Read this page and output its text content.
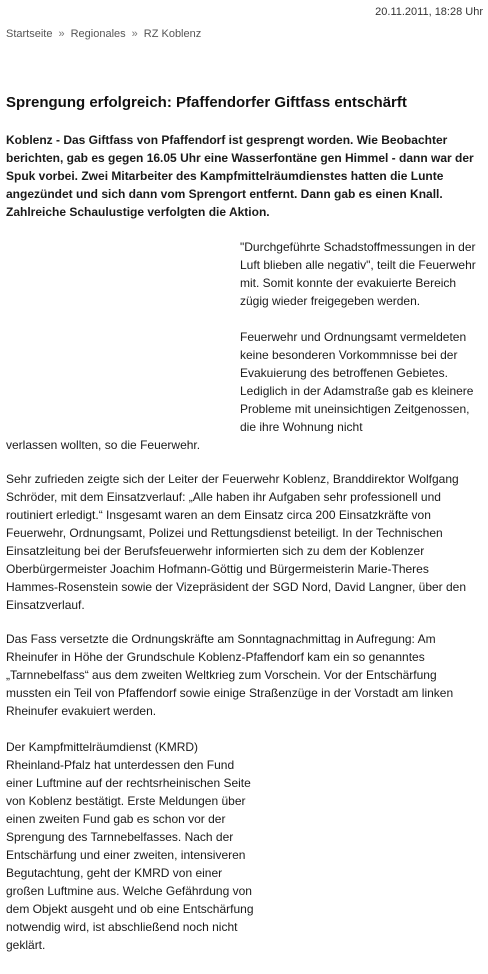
20.11.2011, 18:28 Uhr
Startseite » Regionales » RZ Koblenz
Sprengung erfolgreich: Pfaffendorfer Giftfass entschärft

Koblenz - Das Giftfass von Pfaffendorf ist gesprengt worden. Wie Beobachter berichten, gab es gegen 16.05 Uhr eine Wasserfontäne gen Himmel - dann war der Spuk vorbei. Zwei Mitarbeiter des Kampfmittelräumdienstes hatten die Lunte angezündet und sich dann vom Sprengort entfernt. Dann gab es einen Knall. Zahlreiche Schaulustige verfolgten die Aktion.

"Durchgeführte Schadstoffmessungen in der Luft blieben alle negativ", teilt die Feuerwehr mit. Somit konnte der evakuierte Bereich zügig wieder freigegeben werden.

Feuerwehr und Ordnungsamt vermeldeten keine besonderen Vorkommnisse bei der Evakuierung des betroffenen Gebietes. Lediglich in der Adamstraße gab es kleinere Probleme mit uneinsichtigen Zeitgenossen, die ihre Wohnung nicht

verlassen wollten, so die Feuerwehr.

Sehr zufrieden zeigte sich der Leiter der Feuerwehr Koblenz, Branddirektor Wolfgang Schröder, mit dem Einsatzverlauf: „Alle haben ihr Aufgaben sehr professionell und routiniert erledigt.“ Insgesamt waren an dem Einsatz circa 200 Einsatzkräfte von Feuerwehr, Ordnungsamt, Polizei und Rettungsdienst beteiligt. In der Technischen Einsatzleitung bei der Berufsfeuerwehr informierten sich zu dem der Koblenzer Oberbürgermeister Joachim Hofmann-Göttig und Bürgermeisterin Marie-Theres Hammes-Rosenstein sowie der Vizepräsident der SGD Nord, David Langner, über den Einsatzverlauf.

Das Fass versetzte die Ordnungskräfte am Sonntagnachmittag in Aufregung: Am Rheinufer in Höhe der Grundschule Koblenz-Pfaffendorf kam ein so genanntes „Tarnnebelfass“ aus dem zweiten Weltkrieg zum Vorschein. Vor der Entschärfung mussten ein Teil von Pfaffendorf sowie einige Straßenzüge in der Vorstadt am linken Rheinufer evakuiert werden.

Der Kampfmittelräumdienst (KMRD) Rheinland-Pfalz hat unterdessen den Fund einer Luftmine auf der rechtsrheinischen Seite von Koblenz bestätigt. Erste Meldungen über einen zweiten Fund gab es schon vor der Sprengung des Tarnnebelfasses. Nach der Entschärfung und einer zweiten, intensiveren Begutachtung, geht der KMRD von einer großen Luftmine aus. Welche Gefährdung von dem Objekt ausgeht und ob eine Entschärfung notwendig wird, ist abschließend noch nicht geklärt.
